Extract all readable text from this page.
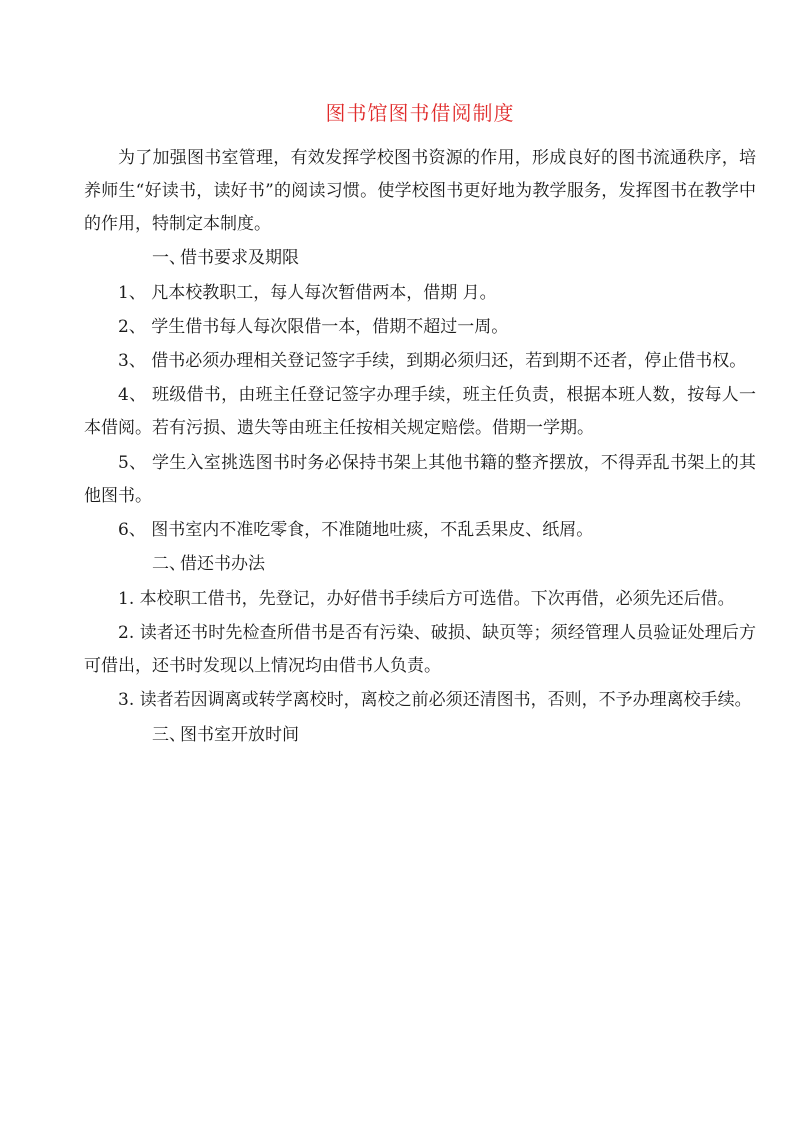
图书馆图书借阅制度

为了加强图书室管理，有效发挥学校图书资源的作用，形成良好的图书流通秩序，培养师生“好读书，读好书”的阅读习惯。使学校图书更好地为教学服务，发挥图书在教学中的作用，特制定本制度。

一、借书要求及期限

1、 凡本校教职工，每人每次暂借两本，借期 月。

2、 学生借书每人每次限借一本，借期不超过一周。

3、 借书必须办理相关登记签字手续，到期必须归还，若到期不还者，停止借书权。

4、 班级借书，由班主任登记签字办理手续，班主任负责，根据本班人数，按每人一本借阅。若有污损、遗失等由班主任按相关规定赔偿。借期一学期。

5、 学生入室挑选图书时务必保持书架上其他书籍的整齐摆放，不得弄乱书架上的其他图书。

6、 图书室内不准吃零食，不准随地吐痰，不乱丢果皮、纸屑。

二、借还书办法

1. 本校职工借书，先登记，办好借书手续后方可选借。下次再借，必须先还后借。

2. 读者还书时先检查所借书是否有污染、破损、缺页等；须经管理人员验证处理后方可借出，还书时发现以上情况均由借书人负责。

3. 读者若因调离或转学离校时，离校之前必须还清图书，否则，不予办理离校手续。

三、图书室开放时间
